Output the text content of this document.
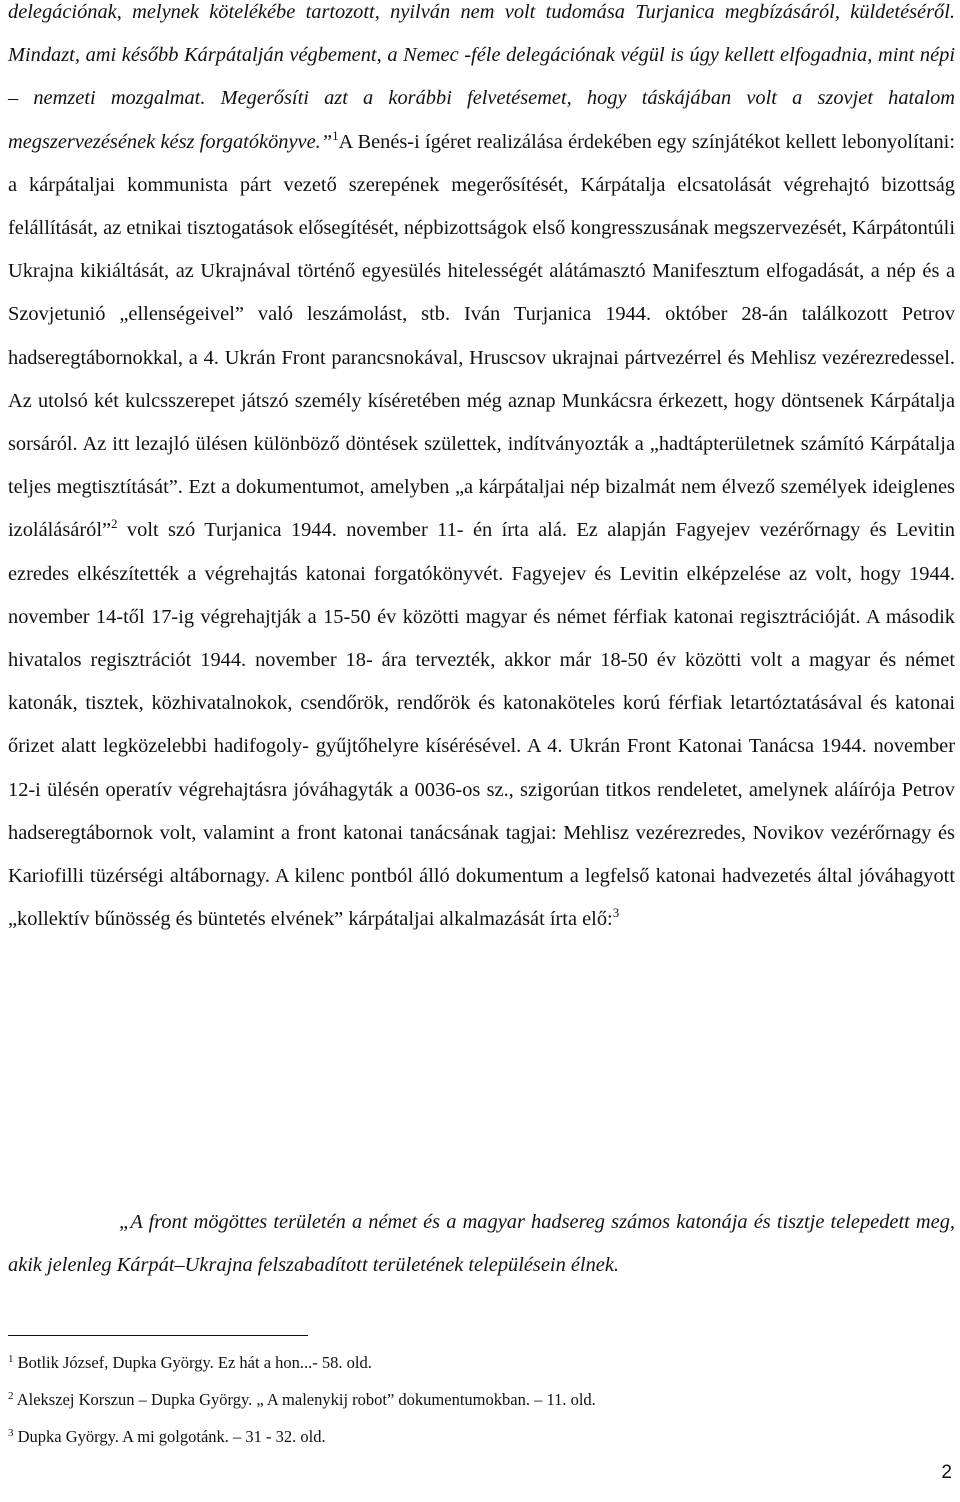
delegációnak, melynek kötelékébe tartozott, nyilván nem volt tudomása Turjanica megbízásáról, küldetéséről. Mindazt, ami később Kárpátalján végbement, a Nemec -féle delegációnak végül is úgy kellett elfogadnia, mint népi – nemzeti mozgalmat. Megerősíti azt a korábbi felvetésemet, hogy táskájában volt a szovjet hatalom megszervezésének kész forgatókönyve.”$^1$A Benés-i ígéret realizálása érdekében egy színjátékot kellett lebonyolítani: a kárpátaljai kommunista párt vezető szerepének megerősítését, Kárpátalja elcsatolását végrehajtó bizottság felállítását, az etnikai tisztogatások elősegítését, népbizottságok első kongresszusának megszervezését, Kárpátontúli Ukrajna kikiáltását, az Ukrajnával történő egyesülés hitelességét alátámasztó Manifesztum elfogadását, a nép és a Szovjetunió „ellenségeivel” való leszámolást, stb. Iván Turjanica 1944. október 28-án találkozott Petrov hadseregtábornokkal, a 4. Ukrán Front parancsnokával, Hruscsov ukrajnai pártvezérrel és Mehlisz vezérezredessel. Az utolsó két kulcsszerepet játszó személy kíséretében még aznap Munkácsra érkezett, hogy döntsenek Kárpátalja sorsáról. Az itt lezajló ülésen különböző döntések születtek, indítványozták a „hadtápterületnek számító Kárpátalja teljes megtisztítását”. Ezt a dokumentumot, amelyben „a kárpátaljai nép bizalmát nem élvező személyek ideiglenes izolálásáról”$^2$ volt szó Turjanica 1944. november 11- én írta alá. Ez alapján Fagyejev vezérőrnagy és Levitin ezredes elkészítették a végrehajtás katonai forgatókönyvét. Fagyejev és Levitin elképzelése az volt, hogy 1944. november 14-től 17-ig végrehajtják a 15-50 év közötti magyar és német férfiak katonai regisztrációját. A második hivatalos regisztrációt 1944. november 18- ára tervezték, akkor már 18-50 év közötti volt a magyar és német katonák, tisztek, közhivatalnokok, csendőrök, rendőrök és katonaköteles korú férfiak letartóztatásával és katonai őrizet alatt legközelebbi hadifogoly- gyűjtőhelyre kísérésével. A 4. Ukrán Front Katonai Tanácsa 1944. november 12-i ülésén operatív végrehajtásra jóváhagyták a 0036-os sz., szigorúan titkos rendeletet, amelynek aláírója Petrov hadseregtábornok volt, valamint a front katonai tanácsának tagjai: Mehlisz vezérezredes, Novikov vezérőrnagy és Kariofilli tüzérségi altábornagy. A kilenc pontból álló dokumentum a legfelső katonai hadvezetés által jóváhagyott „kollektív bűnösség és büntetés elvének” kárpátaljai alkalmazását írta elő:$^3$

„A front mögöttes területén a német és a magyar hadsereg számos katonája és tisztje telepedett meg, akik jelenleg Kárpát–Ukrajna felszabadított területének településein élnek.

$^1$ Botlik József, Dupka György. Ez hát a hon...- 58. old.

$^2$ Alekszej Korszun – Dupka György. „ A malenykij robot” dokumentumokban. – 11. old.

$^3$ Dupka György. A mi golgotánk. – 31 - 32. old.

2
